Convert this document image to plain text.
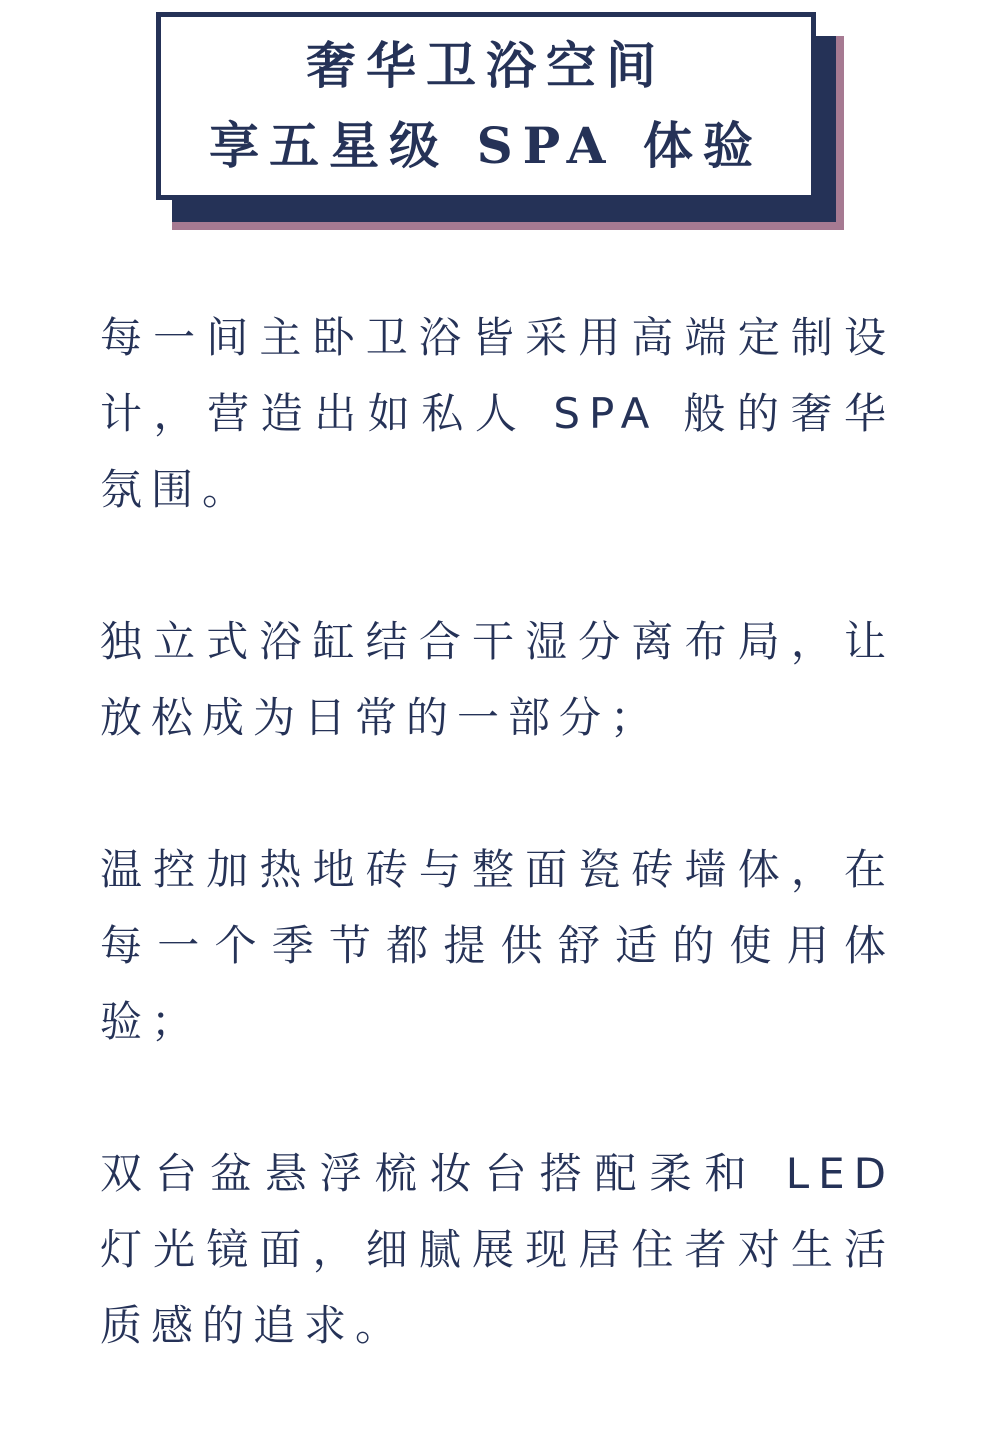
奢华卫浴空间
享五星级 SPA 体验

每一间主卧卫浴皆采用高端定制设计，营造出如私人 SPA 般的奢华氛围。

独立式浴缸结合干湿分离布局，让放松成为日常的一部分；

温控加热地砖与整面瓷砖墙体，在每一个季节都提供舒适的使用体验；

双台盆悬浮梳妆台搭配柔和 LED 灯光镜面，细腻展现居住者对生活质感的追求。
